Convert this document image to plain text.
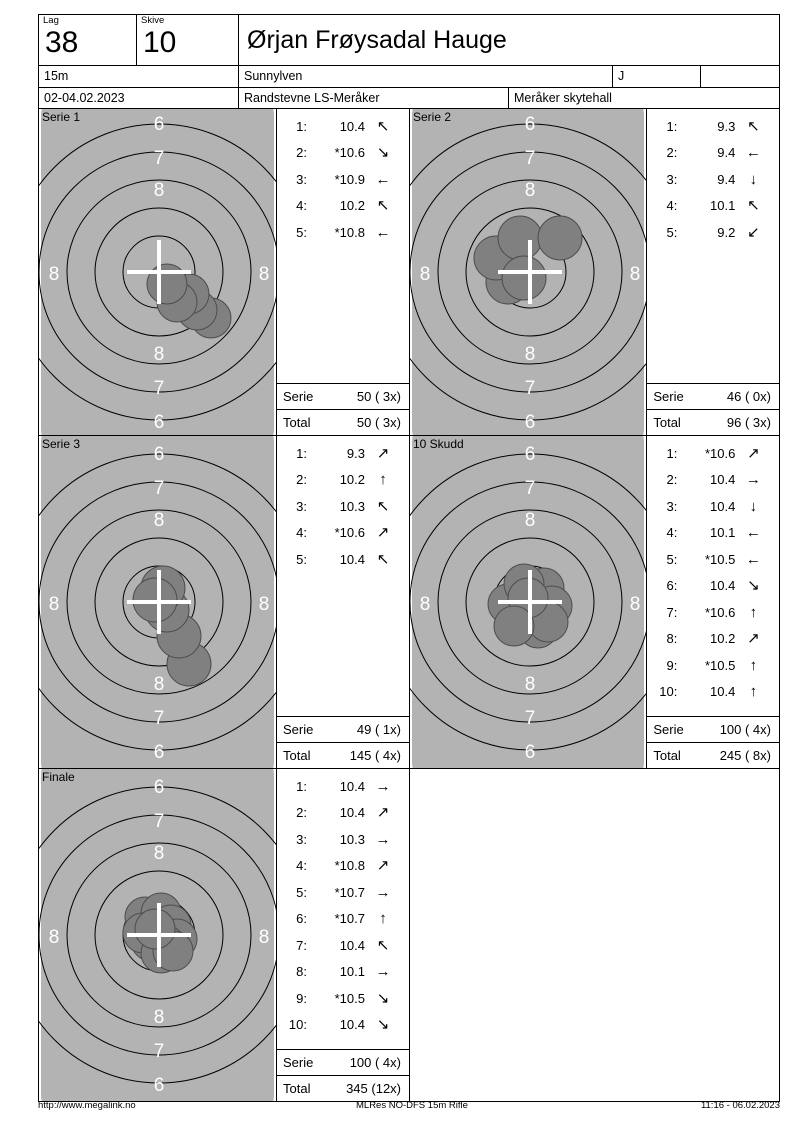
Lag
38
Skive
10	Ørjan Frøysadal Hauge
15m	Sunnylven	J
02-04.02.2023	Randstevne LS-Meråker	Meråker skytehall
Serie 1	6
7
8
8	8
8
7
6
1:	10.4 ↖
2:	*10.6 ↘
3:	*10.9 ←
4:	10.2 ↖
5:	*10.8 ←
Serie	50 ( 3x)
Total	50 ( 3x)
Serie 2	6
7
8
8	8
8
7
6
1:	9.3 ↖
2:	9.4 ←
3:	9.4 ↓
4:	10.1 ↖
5:	9.2 ↙
Serie	46 ( 0x)
Total	96 ( 3x)
Serie 3	6
7
8
8	8
8
7
6
1:	9.3 ↗
2:	10.2 ↑
3:	10.3 ↖
4:	*10.6 ↗
5:	10.4 ↖
Serie	49 ( 1x)
Total	145 ( 4x)
10 Skudd	6
7
8
8	8
8
7
6
1:	*10.6 ↗
2:	10.4 →
3:	10.4 ↓
4:	10.1 ←
5:	*10.5 ←
6:	10.4 ↘
7:	*10.6 ↑
8:	10.2 ↗
9:	*10.5 ↑
10:	10.4 ↑
Serie	100 ( 4x)
Total	245 ( 8x)
Finale	6
7
8
8	8
8
7
6
1:	10.4 →
2:	10.4 ↗
3:	10.3 →
4:	*10.8 ↗
5:	*10.7 →
6:	*10.7 ↑
7:	10.4 ↖
8:	10.1 →
9:	*10.5 ↘
10:	10.4 ↘
Serie	100 ( 4x)
Total	345 (12x)
http://www.megalink.no	MLRes NO-DFS 15m Rifle	11:16 - 06.02.2023
